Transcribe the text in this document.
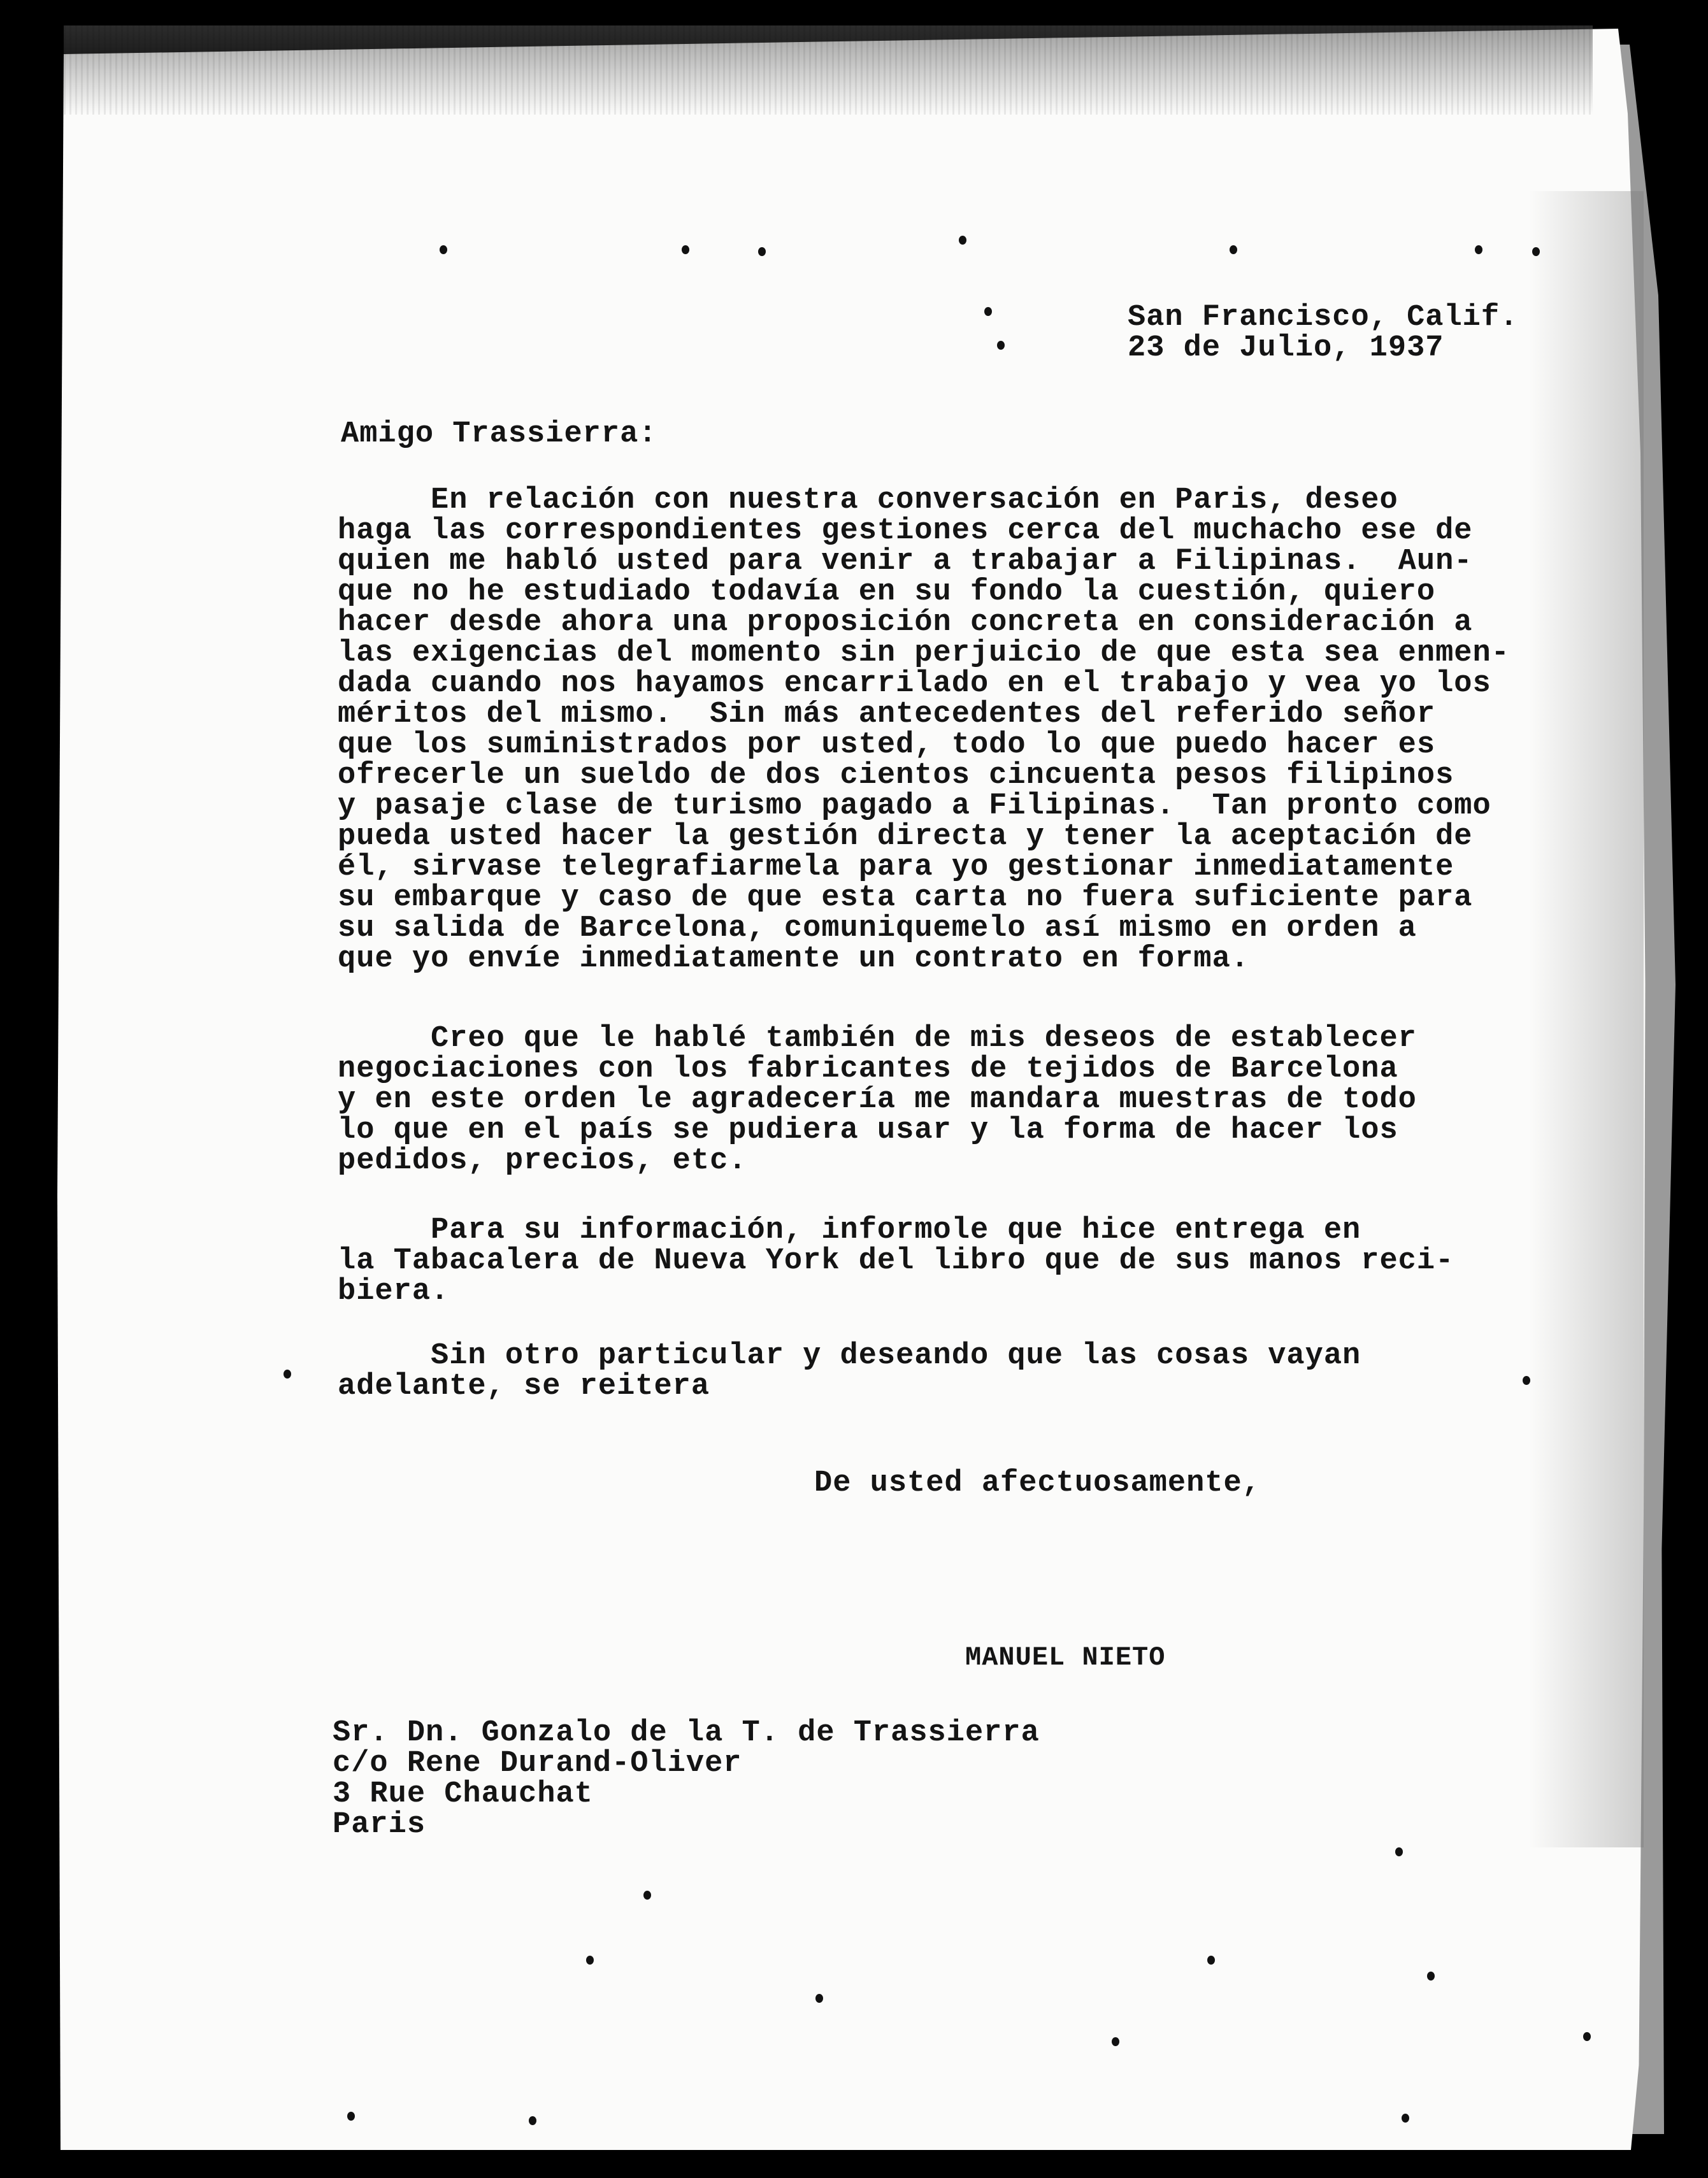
San Francisco, Calif.
23 de Julio, 1937
Amigo Trassierra:
En relación con nuestra conversación en Paris, deseo
haga las correspondientes gestiones cerca del muchacho ese de
quien me habló usted para venir a trabajar a Filipinas.  Aun-
que no he estudiado todavía en su fondo la cuestión, quiero
hacer desde ahora una proposición concreta en consideración a
las exigencias del momento sin perjuicio de que esta sea enmen-
dada cuando nos hayamos encarrilado en el trabajo y vea yo los
méritos del mismo.  Sin más antecedentes del referido señor
que los suministrados por usted, todo lo que puedo hacer es
ofrecerle un sueldo de dos cientos cincuenta pesos filipinos
y pasaje clase de turismo pagado a Filipinas.  Tan pronto como
pueda usted hacer la gestión directa y tener la aceptación de
él, sirvase telegrafiarmela para yo gestionar inmediatamente
su embarque y caso de que esta carta no fuera suficiente para
su salida de Barcelona, comuniquemelo así mismo en orden a
que yo envíe inmediatamente un contrato en forma.
Creo que le hablé también de mis deseos de establecer
negociaciones con los fabricantes de tejidos de Barcelona
y en este orden le agradecería me mandara muestras de todo
lo que en el país se pudiera usar y la forma de hacer los
pedidos, precios, etc.
Para su información, informole que hice entrega en
la Tabacalera de Nueva York del libro que de sus manos reci-
biera.
Sin otro particular y deseando que las cosas vayan
adelante, se reitera
De usted afectuosamente,
MANUEL NIETO
Sr. Dn. Gonzalo de la T. de Trassierra
c/o Rene Durand-Oliver
3 Rue Chauchat
Paris
